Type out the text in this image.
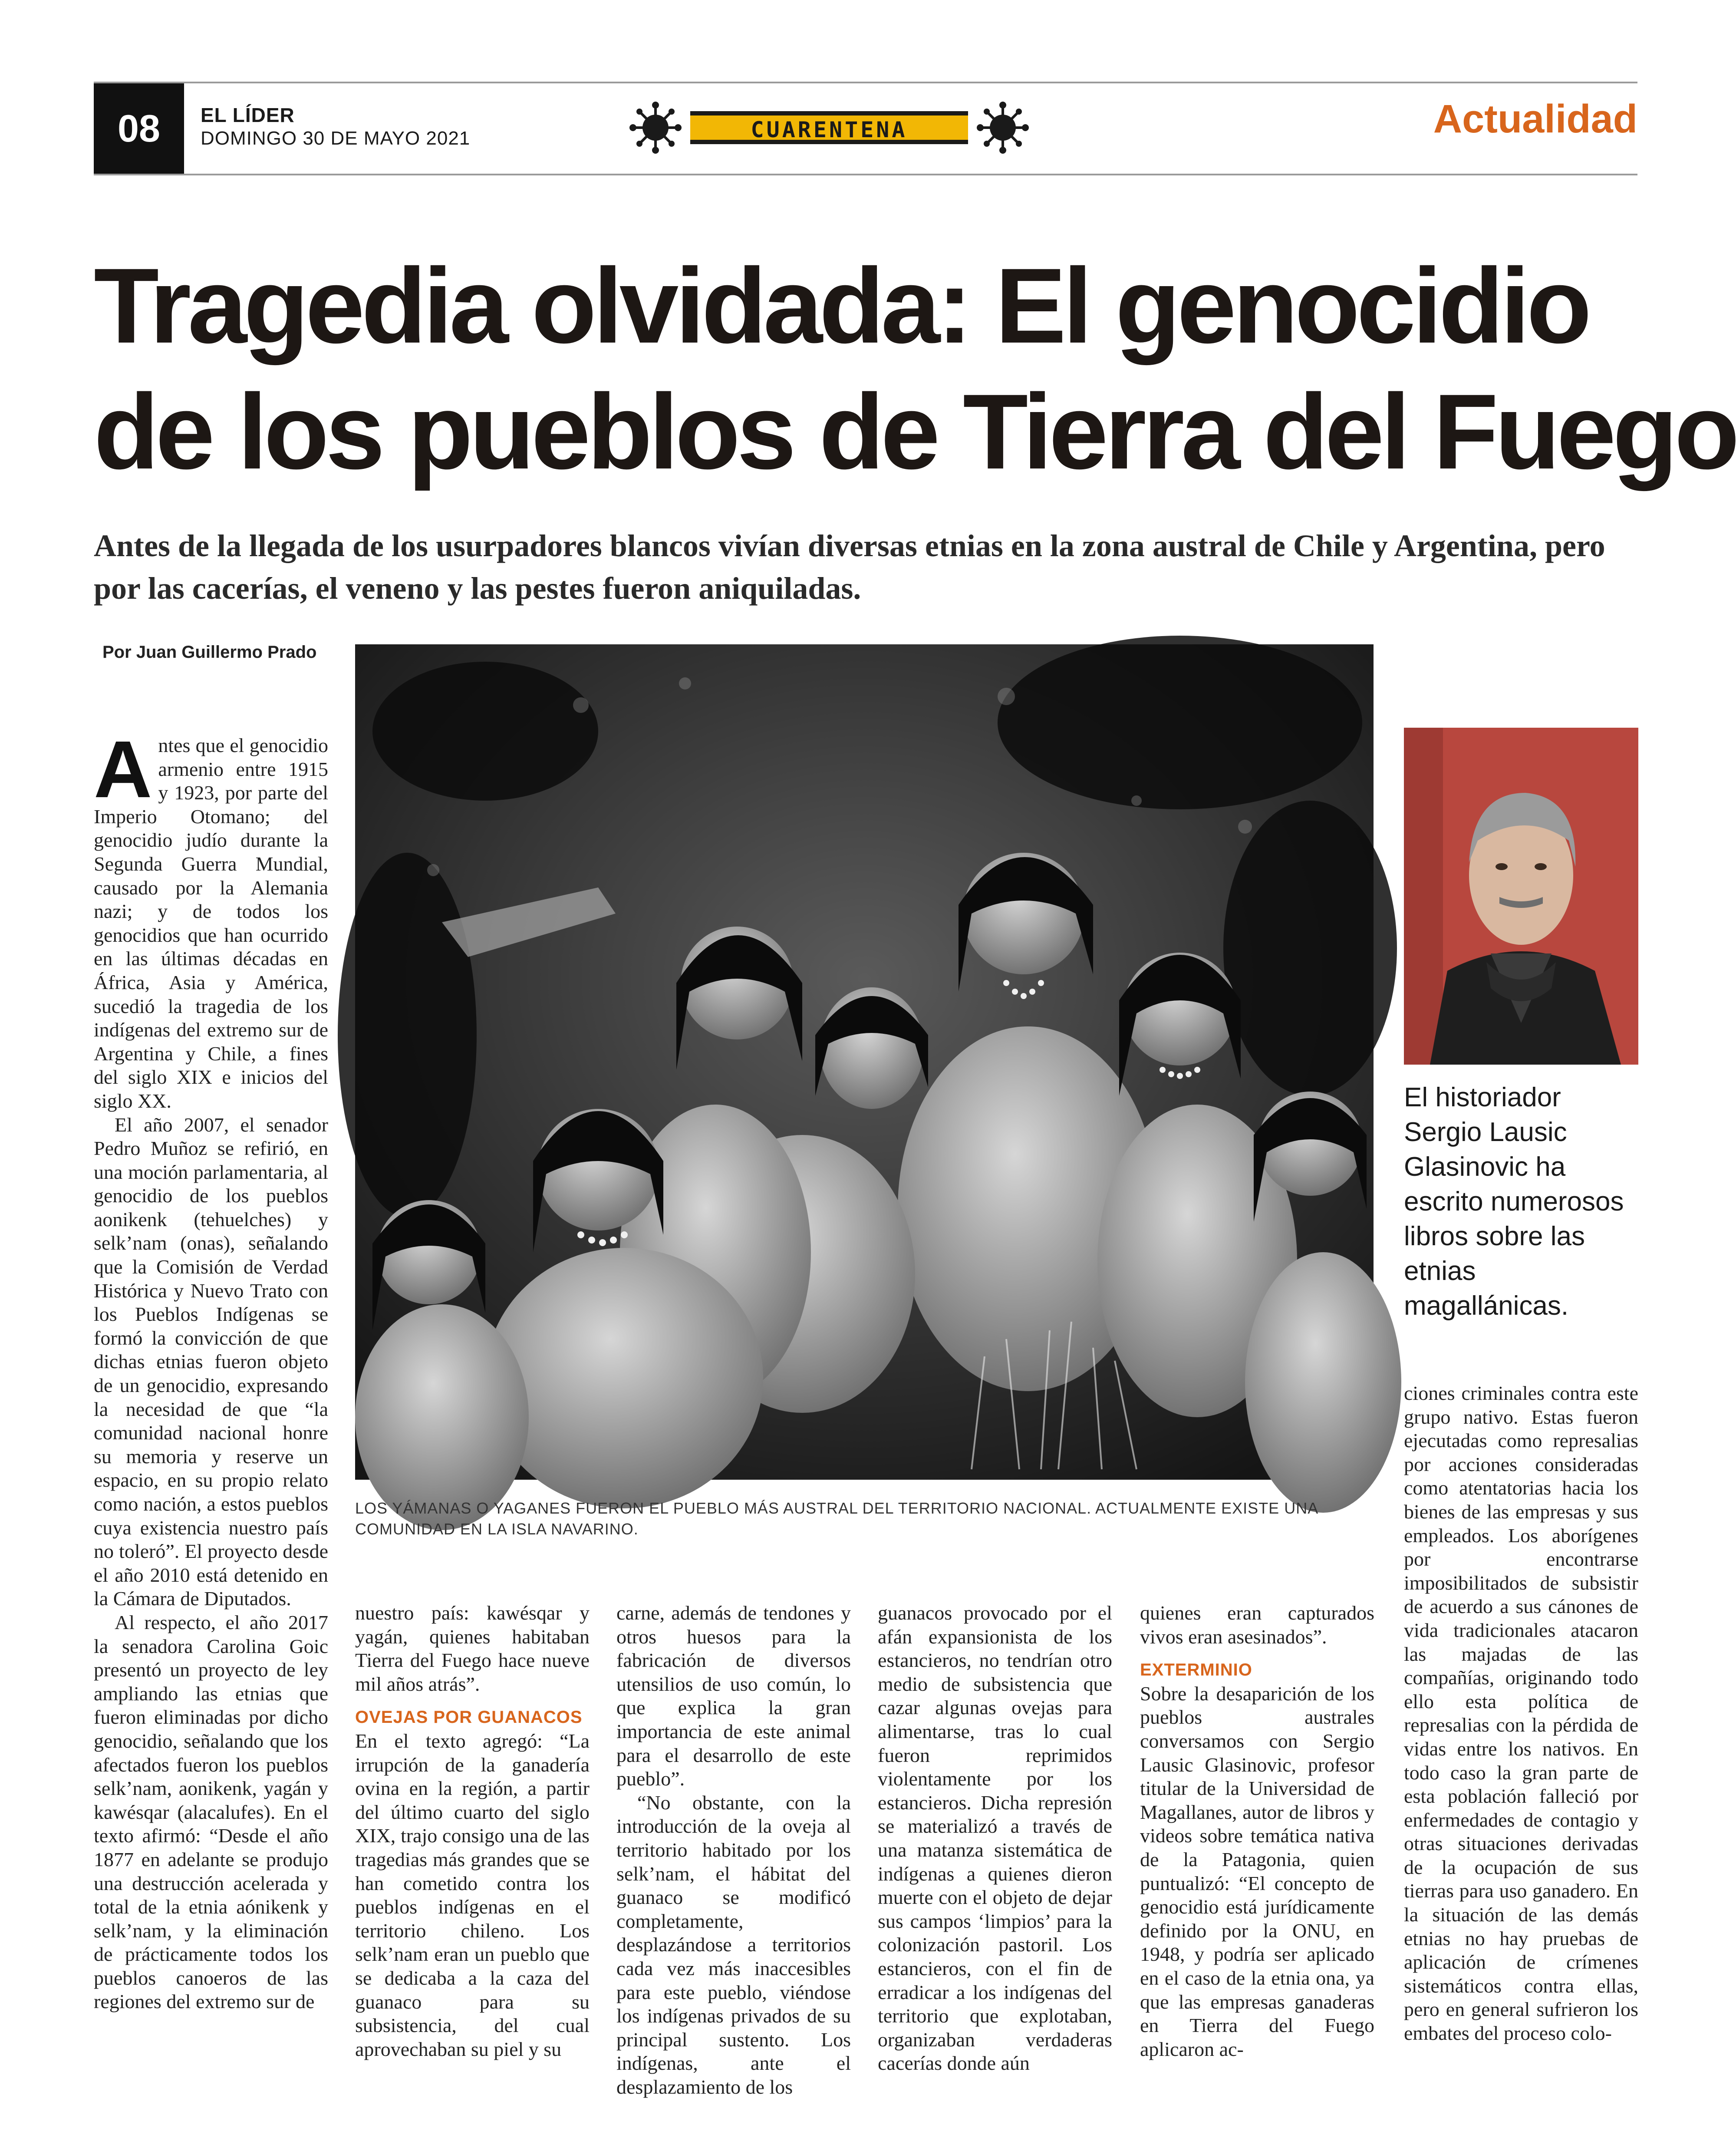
08	EL LÍDER
DOMINGO 30 DE MAYO 2021	CUARENTENA	Actualidad
Tragedia olvidada: El genocidio
de los pueblos de Tierra del Fuego
Antes de la llegada de los usurpadores blancos vivían diversas etnias en la zona austral de Chile y Argentina, pero por las cacerías, el veneno y las pestes fueron aniquiladas.
Por Juan Guillermo Prado
LOS YÁMANAS O YAGANES FUERON EL PUEBLO MÁS AUSTRAL DEL TERRITORIO NACIONAL. ACTUALMENTE EXISTE UNA COMUNIDAD EN LA ISLA NAVARINO.
El historiador Sergio Lausic Glasinovic ha escrito numerosos libros sobre las etnias magallánicas.

Antes que el genocidio armenio entre 1915 y 1923, por parte del Imperio Otomano; del genocidio judío durante la Segunda Guerra Mundial, causado por la Alemania nazi; y de todos los genocidios que han ocurrido en las últimas décadas en África, Asia y América, sucedió la tragedia de los indígenas del extremo sur de Argentina y Chile, a fines del siglo XIX e inicios del siglo XX.

El año 2007, el senador Pedro Muñoz se refirió, en una moción parlamentaria, al genocidio de los pueblos aonikenk (tehuelches) y selk’nam (onas), señalando que la Comisión de Verdad Histórica y Nuevo Trato con los Pueblos Indígenas se formó la convicción de que dichas etnias fueron objeto de un genocidio, expresando la necesidad de que “la comunidad nacional honre su memoria y reserve un espacio, en su propio relato como nación, a estos pueblos cuya existencia nuestro país no toleró”. El proyecto desde el año 2010 está detenido en la Cámara de Diputados.

Al respecto, el año 2017 la senadora Carolina Goic presentó un proyecto de ley ampliando las etnias que fueron eliminadas por dicho genocidio, señalando que los afectados fueron los pueblos selk’nam, aonikenk, yagán y kawésqar (alacalufes). En el texto afirmó: “Desde el año 1877 en adelante se produjo una destrucción acelerada y total de la etnia aónikenk y selk’nam, y la eliminación de prácticamente todos los pueblos canoeros de las regiones del extremo sur de

nuestro país: kawésqar y yagán, quienes habitaban Tierra del Fuego hace nueve mil años atrás”.

OVEJAS POR GUANACOS

En el texto agregó: “La irrupción de la ganadería ovina en la región, a partir del último cuarto del siglo XIX, trajo consigo una de las tragedias más grandes que se han cometido contra los pueblos indígenas en el territorio chileno. Los selk’nam eran un pueblo que se dedicaba a la caza del guanaco para su subsistencia, del cual aprovechaban su piel y su

carne, además de tendones y otros huesos para la fabricación de diversos utensilios de uso común, lo que explica la gran importancia de este animal para el desarrollo de este pueblo”.

“No obstante, con la introducción de la oveja al territorio habitado por los selk’nam, el hábitat del guanaco se modificó completamente, desplazándose a territorios cada vez más inaccesibles para este pueblo, viéndose los indígenas privados de su principal sustento. Los indígenas, ante el desplazamiento de los

guanacos provocado por el afán expansionista de los estancieros, no tendrían otro medio de subsistencia que cazar algunas ovejas para alimentarse, tras lo cual fueron reprimidos violentamente por los estancieros. Dicha represión se materializó a través de una matanza sistemática de indígenas a quienes dieron muerte con el objeto de dejar sus campos ‘limpios’ para la colonización pastoril. Los estancieros, con el fin de erradicar a los indígenas del territorio que explotaban, organizaban verdaderas cacerías donde aún

quienes eran capturados vivos eran asesinados”.

EXTERMINIO

Sobre la desaparición de los pueblos australes conversamos con Sergio Lausic Glasinovic, profesor titular de la Universidad de Magallanes, autor de libros y videos sobre temática nativa de la Patagonia, quien puntualizó: “El concepto de genocidio está jurídicamente definido por la ONU, en 1948, y podría ser aplicado en el caso de la etnia ona, ya que las empresas ganaderas en Tierra del Fuego aplicaron ac-

ciones criminales contra este grupo nativo. Estas fueron ejecutadas como represalias por acciones consideradas como atentatorias hacia los bienes de las empresas y sus empleados. Los aborígenes por encontrarse imposibilitados de subsistir de acuerdo a sus cánones de vida tradicionales atacaron las majadas de las compañías, originando todo ello esta política de represalias con la pérdida de vidas entre los nativos. En todo caso la gran parte de esta población falleció por enfermedades de contagio y otras situaciones derivadas de la ocupación de sus tierras para uso ganadero. En la situación de las demás etnias no hay pruebas de aplicación de crímenes sistemáticos contra ellas, pero en general sufrieron los embates del proceso colo-
